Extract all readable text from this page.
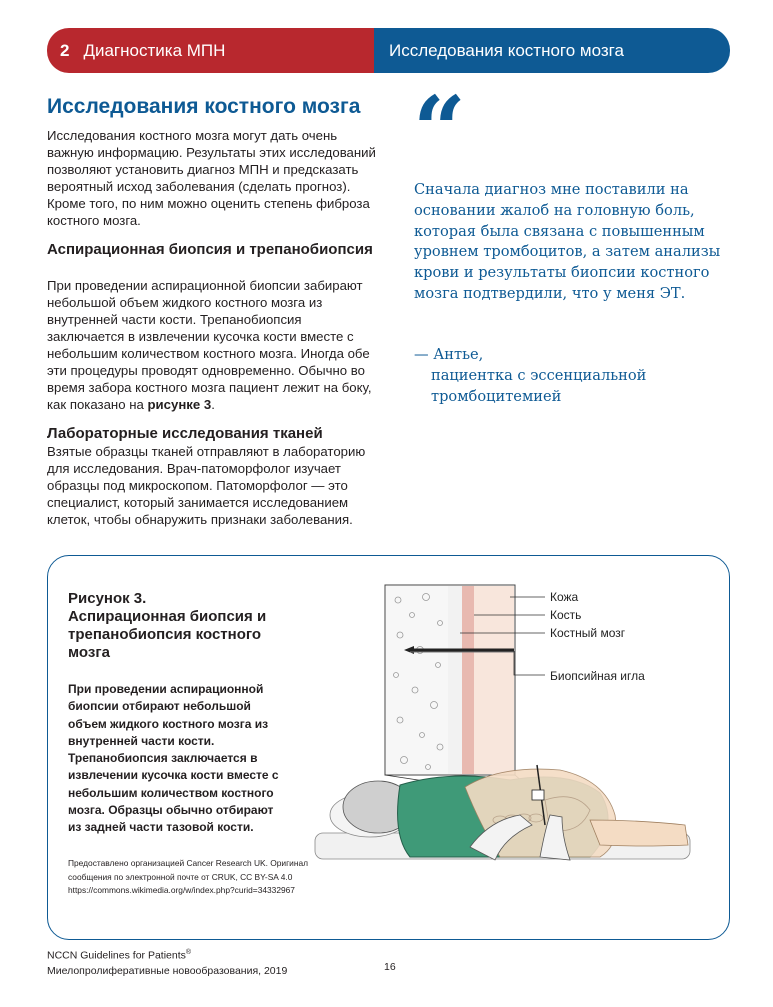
2 Диагностика МПН	Исследования костного мозга
Исследования костного мозга

Исследования костного мозга могут дать очень важную информацию. Результаты этих исследований позволяют установить диагноз МПН и предсказать вероятный исход заболевания (сделать прогноз). Кроме того, по ним можно оценить степень фиброза костного мозга.

Аспирационная биопсия и трепанобиопсия

При проведении аспирационной биопсии забирают небольшой объем жидкого костного мозга из внутренней части кости. Трепанобиопсия заключается в извлечении кусочка кости вместе с небольшим количеством костного мозга. Иногда обе эти процедуры проводят одновременно. Обычно во время забора костного мозга пациент лежит на боку, как показано на рисунке 3.

Лабораторные исследования тканей

Взятые образцы тканей отправляют в лабораторию для исследования. Врач-патоморфолог изучает образцы под микроскопом. Патоморфолог — это специалист, который занимается исследованием клеток, чтобы обнаружить признаки заболевания.

“

Сначала диагноз мне поставили на основании жалоб на головную боль, которая была связана с повышенным уровнем тромбоцитов, а затем анализы крови и результаты биопсии костного мозга подтвердили, что у меня ЭТ.

— Антье,
пациентка с эссенциальной тромбоцитемией

Рисунок 3.
Аспирационная биопсия и трепанобиопсия костного мозга

При проведении аспирационной биопсии отбирают небольшой объем жидкого костного мозга из внутренней части кости. Трепанобиопсия заключается в извлечении кусочка кости вместе с небольшим количеством костного мозга. Образцы обычно отбирают из задней части тазовой кости.

Предоставлено организацией Cancer Research UK. Оригинал сообщения по электронной почте от CRUK, CC BY-SA 4.0 https://commons.wikimedia.org/w/index.php?curid=34332967

Кожа
Кость
Костный мозг
Биопсийная игла
NCCN Guidelines for Patients®
Миелопролиферативные новообразования, 2019	16
